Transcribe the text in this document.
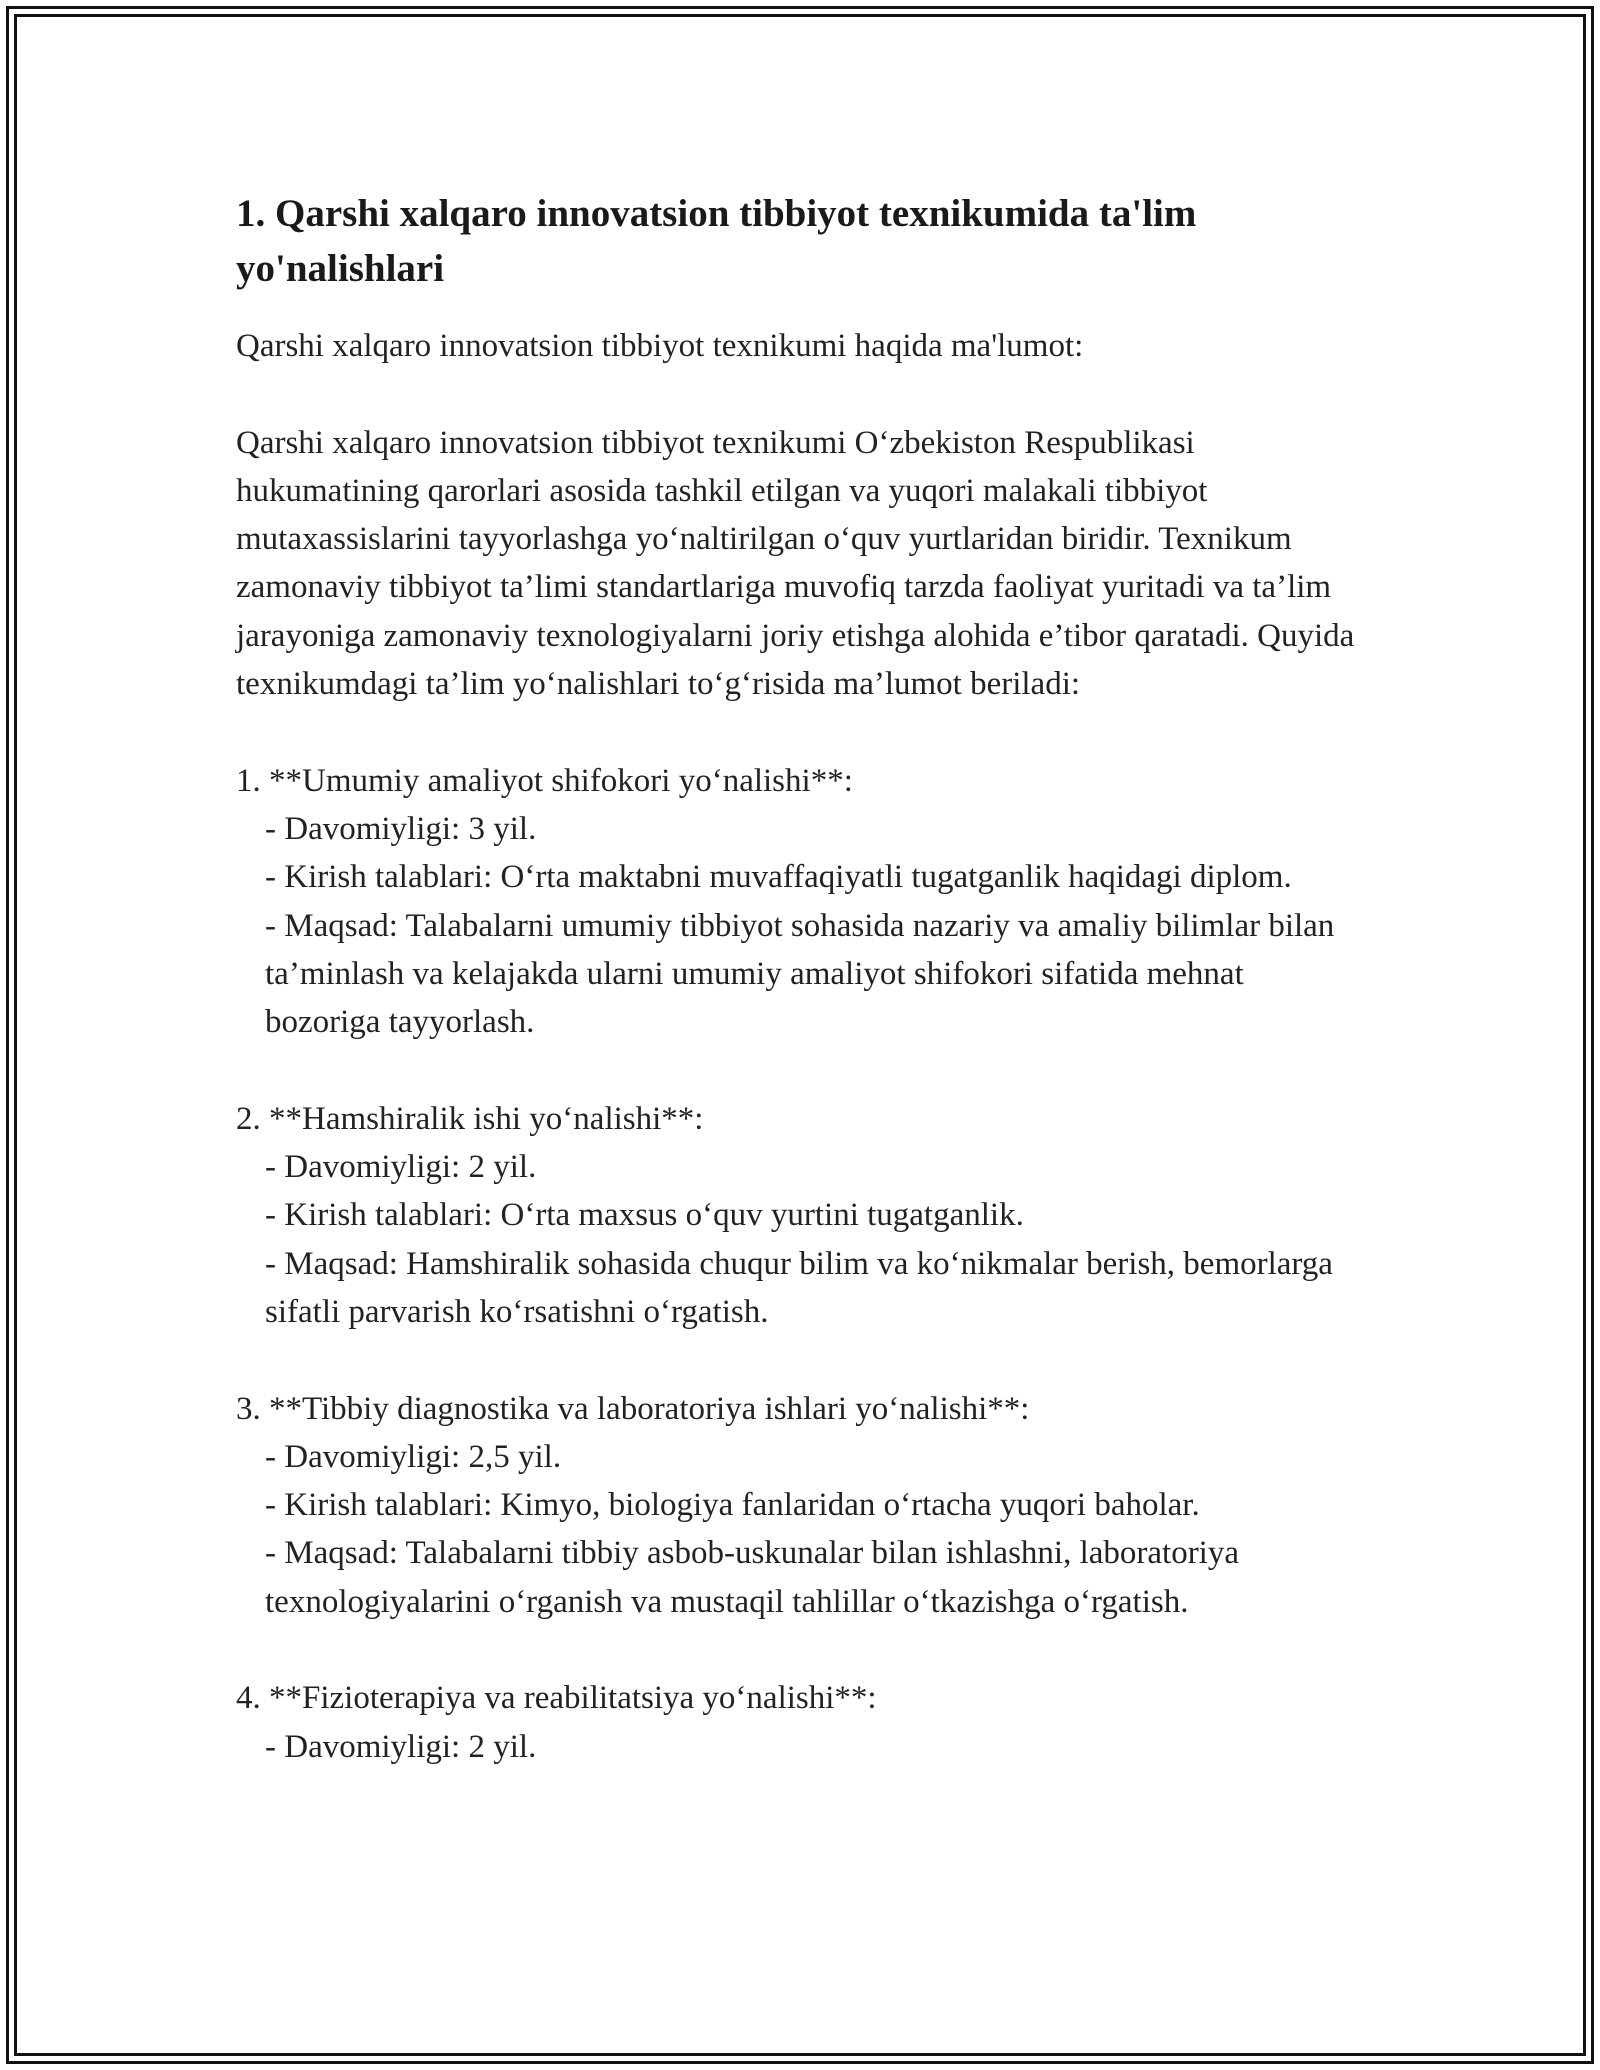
1. Qarshi xalqaro innovatsion tibbiyot texnikumida ta'lim yo'nalishlari

Qarshi xalqaro innovatsion tibbiyot texnikumi haqida ma'lumot:

Qarshi xalqaro innovatsion tibbiyot texnikumi O‘zbekiston Respublikasi hukumatining qarorlari asosida tashkil etilgan va yuqori malakali tibbiyot mutaxassislarini tayyorlashga yo‘naltirilgan o‘quv yurtlaridan biridir. Texnikum zamonaviy tibbiyot ta’limi standartlariga muvofiq tarzda faoliyat yuritadi va ta’lim jarayoniga zamonaviy texnologiyalarni joriy etishga alohida e’tibor qaratadi. Quyida texnikumdagi ta’lim yo‘nalishlari to‘g‘risida ma’lumot beriladi:

1. **Umumiy amaliyot shifokori yo‘nalishi**:

- Davomiyligi: 3 yil.

- Kirish talablari: O‘rta maktabni muvaffaqiyatli tugatganlik haqidagi diplom.

- Maqsad: Talabalarni umumiy tibbiyot sohasida nazariy va amaliy bilimlar bilan ta’minlash va kelajakda ularni umumiy amaliyot shifokori sifatida mehnat bozoriga tayyorlash.

2. **Hamshiralik ishi yo‘nalishi**:

- Davomiyligi: 2 yil.

- Kirish talablari: O‘rta maxsus o‘quv yurtini tugatganlik.

- Maqsad: Hamshiralik sohasida chuqur bilim va ko‘nikmalar berish, bemorlarga sifatli parvarish ko‘rsatishni o‘rgatish.

3. **Tibbiy diagnostika va laboratoriya ishlari yo‘nalishi**:

- Davomiyligi: 2,5 yil.

- Kirish talablari: Kimyo, biologiya fanlaridan o‘rtacha yuqori baholar.

- Maqsad: Talabalarni tibbiy asbob-uskunalar bilan ishlashni, laboratoriya texnologiyalarini o‘rganish va mustaqil tahlillar o‘tkazishga o‘rgatish.

4. **Fizioterapiya va reabilitatsiya yo‘nalishi**:

- Davomiyligi: 2 yil.
